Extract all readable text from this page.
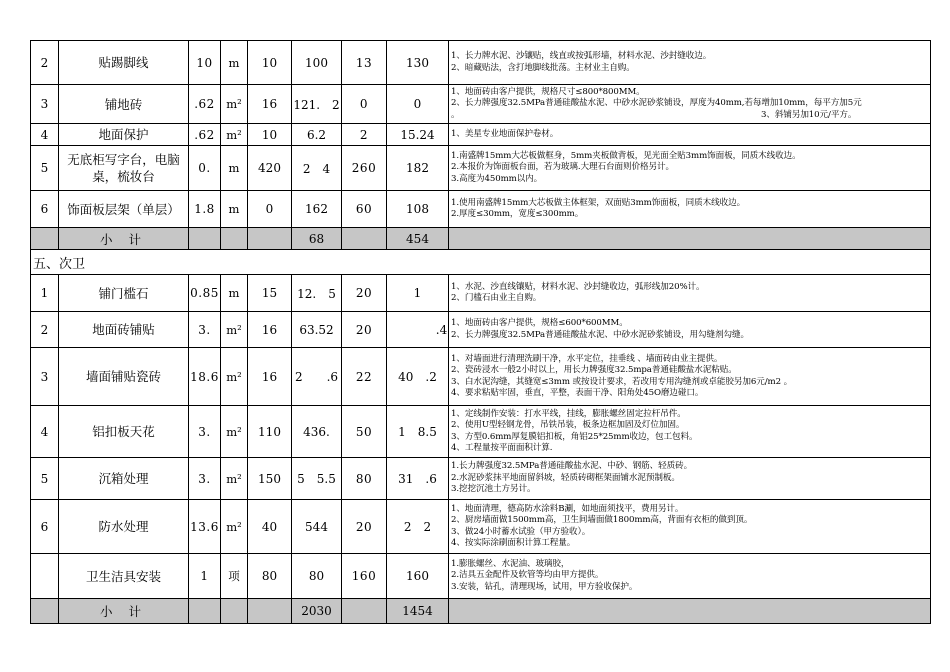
2	贴踢脚线	10	m	10	100	13	130	1、长力牌水泥、沙镶贴，线直或按弧形墙，材料水泥、沙封缝收边。
2、暗藏贴法，含打地脚线批荡。主材业主自购。
3	铺地砖	.62	m²	16	121.　2	0	0	1、地面砖由客户提供，规格尺寸≤800*800MM。
2、长力牌强度32.5MPa普通硅酸盐水泥、中砂水泥砂浆铺设，厚度为40mm,若每增加10mm，每平方加5元
。　　　　　　　　　　　　　　　　　　　　　　　　　　　　　　　　　　　　3、斜铺另加10元/平方。
4	地面保护	.62	m²	10	6.2	2	15.24	1、美星专业地面保护卷材。
5	无底柜写字台，电脑桌，梳妆台	0.	m	420	2　4	260	182	1.南盛牌15mm大芯板做框身，5mm夹板做背板，见光面全贴3mm饰面板，同质木线收边。
2.本报价为饰面板台面，若为玻璃.大理石台面则价格另计。
3.高度为450mm以内。
6	饰面板层架（单层）	1.8	m	0	162	60	108	1.使用南盛牌15mm大芯板做主体框架，双面贴3mm饰面板，同质木线收边。
2.厚度≤30mm，宽度≤300mm。
	小 计				68		454	
五、次卫								
1	铺门槛石	0.85	m	15	12.　5	20	1	1、水泥、沙直线镶贴，材料水泥、沙封缝收边，弧形线加20%计。
2、门槛石由业主自购。
2	地面砖铺贴	3.	m²	16	63.52	20	　　　　.4	1、地面砖由客户提供，规格≤600*600MM。
2、长力牌强度32.5MPa普通硅酸盐水泥、中砂水泥砂浆铺设，用勾缝剂勾缝。
3	墙面铺贴瓷砖	18.6	m²	16	2　　.6	22	40　.2	1、对墙面进行清理洗刷干净，水平定位，挂垂线 、墙面砖由业主提供。
2、瓷砖浸水一般2小时以上，用长力牌强度32.5mpa普通硅酸盐水泥粘贴。
3、白水泥沟缝，其缝宽≤3mm 或按设计要求，若改用专用沟缝剂或卓能胶另加6元/m2 。
4、要求粘贴牢固，垂直，平整，表面干净、阳角处45O磨边碰口。
4	铝扣板天花	3.	m²	110	436.	50	1　8.5	1、定线制作安装：打水平线，挂线，膨胀螺丝固定拉杆吊件。
2、使用U型轻钢龙骨，吊铁吊装，板条边框加固及灯位加固。
3、方型0.6mm厚复膜铝扣板，角铝25*25mm收边，包工包料。
4、工程量按平面面积计算.
5	沉箱处理	3.	m²	150	5　5.5	80	31　.6	1.长力牌强度32.5MPa普通硅酸盐水泥、中砂、钢筋、轻质砖。
2.水泥砂浆抹平地面留斜坡，轻质砖砌框架面铺水泥预制板。
3.挖挖沉池土方另计。
6	防水处理	13.6	m²	40	544	20	2　2	1、地面清理，德高防水涂料B涮，如地面须找平，费用另计。
2、厨房墙面做1500mm高，卫生间墙面做1800mm高，背面有衣柜的做到顶。
3、做24小时蓄水试验（甲方验收）。
4、按实际涂刷面积计算工程量。
	卫生洁具安装	1	项	80	80	160	160	1.膨胀螺丝、水泥油、玻璃胶，
2.洁具五金配件及软管等均由甲方提供。
3.安装，钻孔，清理现场，试用，甲方验收保护。
	小 计				2030		1454	
